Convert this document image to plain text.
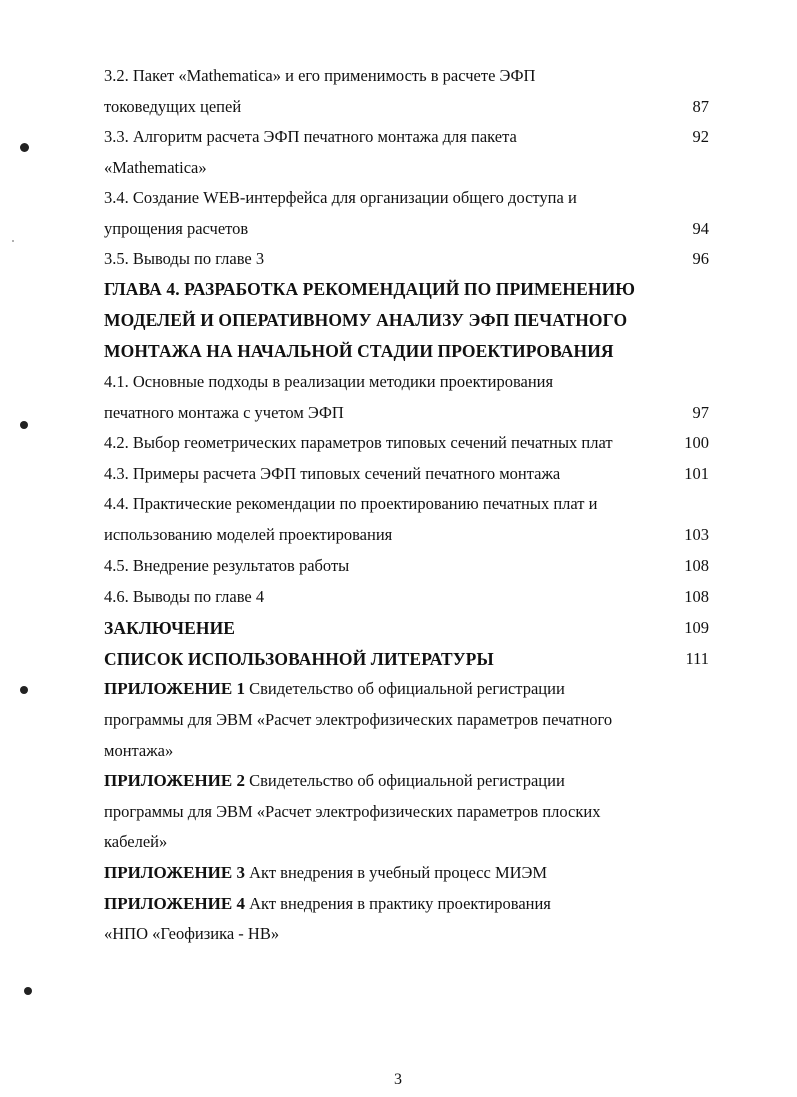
3.2. Пакет «Mathematica» и его применимость в расчете ЭФП
токоведущих цепей	87
3.3. Алгоритм расчета ЭФП печатного монтажа для пакета	92
«Mathematica»
3.4. Создание WEB-интерфейса для организации общего доступа и
упрощения расчетов	94
3.5. Выводы по главе 3	96
ГЛАВА 4. РАЗРАБОТКА РЕКОМЕНДАЦИЙ ПО ПРИМЕНЕНИЮ
МОДЕЛЕЙ И ОПЕРАТИВНОМУ АНАЛИЗУ ЭФП ПЕЧАТНОГО
МОНТАЖА НА НАЧАЛЬНОЙ СТАДИИ ПРОЕКТИРОВАНИЯ
4.1. Основные подходы в реализации методики проектирования
печатного монтажа с учетом ЭФП	97
4.2. Выбор геометрических параметров типовых сечений печатных плат	100
4.3. Примеры расчета ЭФП типовых сечений печатного монтажа	101
4.4. Практические рекомендации по проектированию печатных плат и
использованию моделей проектирования	103
4.5. Внедрение результатов работы	108
4.6. Выводы по главе 4	108
ЗАКЛЮЧЕНИЕ	109
СПИСОК ИСПОЛЬЗОВАННОЙ ЛИТЕРАТУРЫ	111
ПРИЛОЖЕНИЕ 1 Свидетельство об официальной регистрации
программы для ЭВМ «Расчет электрофизических параметров печатного
монтажа»
ПРИЛОЖЕНИЕ 2 Свидетельство об официальной регистрации
программы для ЭВМ «Расчет электрофизических параметров плоских
кабелей»
ПРИЛОЖЕНИЕ 3 Акт внедрения в учебный процесс МИЭМ
ПРИЛОЖЕНИЕ 4 Акт внедрения в практику проектирования
«НПО «Геофизика - НВ»
3
